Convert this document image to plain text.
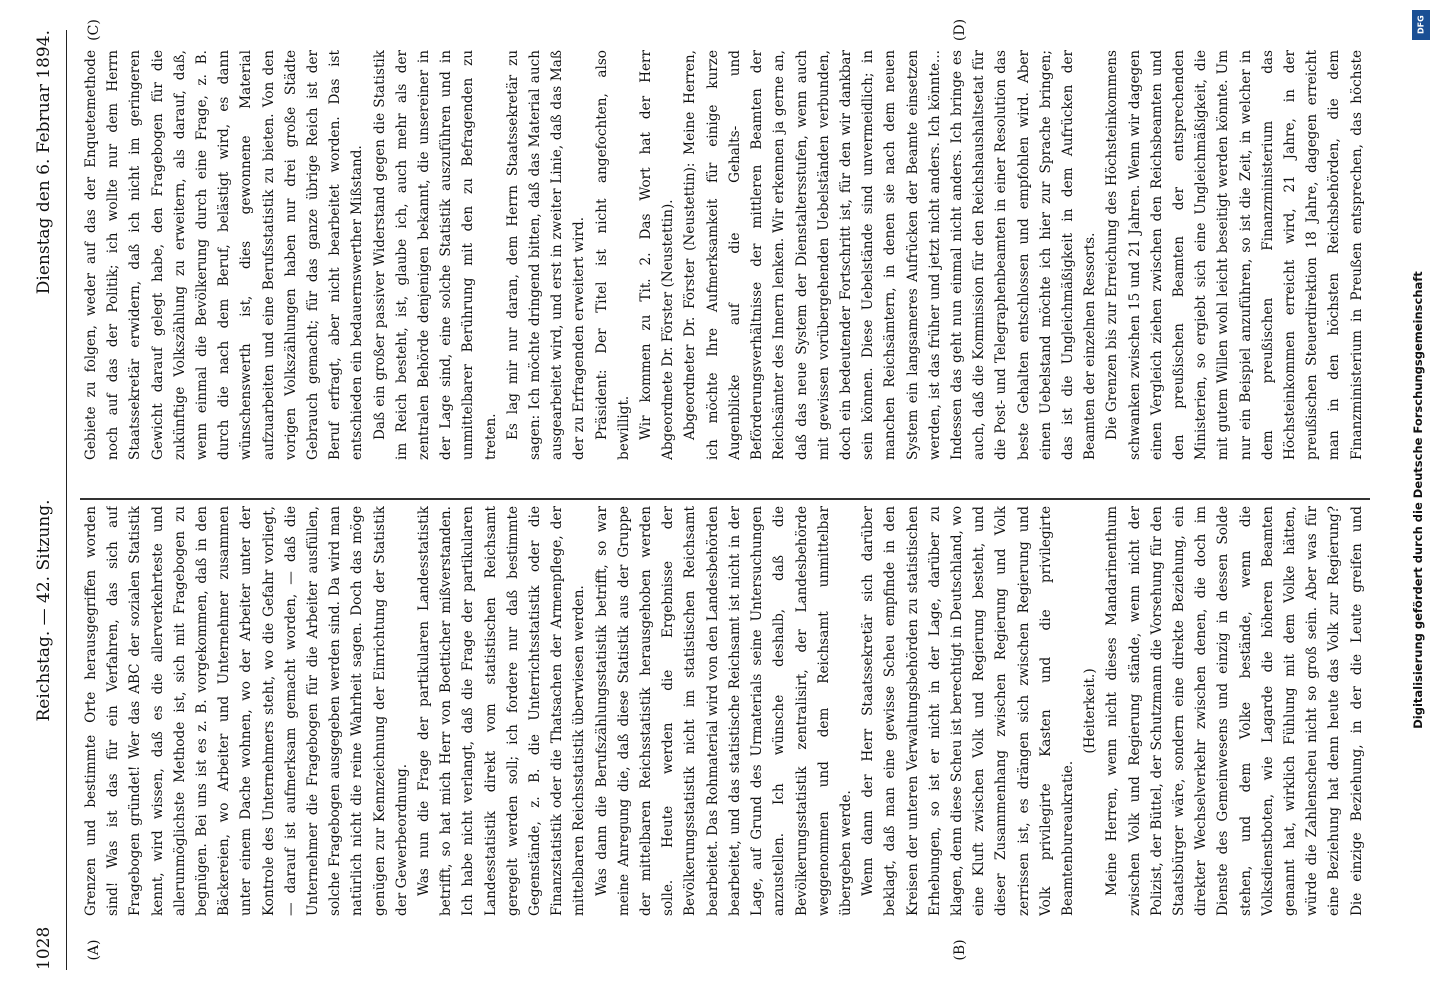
1028
Reichstag. — 42. Sitzung.
Dienstag den 6. Februar 1894.
(A)	(B)
(C)	(D)

Grenzen und bestimmte Orte herausgegriffen worden sind! Was ist das für ein Verfahren, das sich auf Fragebogen gründet! Wer das ABC der sozialen Statistik kennt, wird wissen, daß es die allerverkehrteste und allerunmöglichste Methode ist, sich mit Fragebogen zu begnügen. Bei uns ist es z. B. vorgekommen, daß in den Bäckereien, wo Arbeiter und Unternehmer zusammen unter einem Dache wohnen, wo der Arbeiter unter der Kontrole des Unternehmers steht, wo die Gefahr vorliegt, — darauf ist aufmerksam gemacht worden, — daß die Unternehmer die Fragebogen für die Arbeiter ausfüllen, solche Fragebogen ausgegeben werden sind. Da wird man natürlich nicht die reine Wahrheit sagen. Doch das möge genügen zur Kennzeichnung der Einrichtung der Statistik der Gewerbeordnung. Was nun die Frage der partikularen Landesstatistik betrifft, so hat mich Herr von Boetticher mißverstanden. Ich habe nicht verlangt, daß die Frage der partikularen Landesstatistik direkt vom statistischen Reichsamt geregelt werden soll; ich fordere nur daß bestimmte Gegenstände, z. B. die Unterrichtsstatistik oder die Finanzstatistik oder die Thatsachen der Armenpflege, der mittelbaren Reichsstatistik überwiesen werden. Was dann die Berufszählungsstatistik betrifft, so war meine Anregung die, daß diese Statistik aus der Gruppe der mittelbaren Reichsstatistik herausgehoben werden solle. Heute werden die Ergebnisse der Bevölkerungsstatistik nicht im statistischen Reichsamt bearbeitet. Das Rohmaterial wird von den Landesbehörden bearbeitet, und das statistische Reichsamt ist nicht in der Lage, auf Grund des Urmaterials seine Untersuchungen anzustellen. Ich wünsche deshalb, daß die Bevölkerungsstatistik zentralisirt, der Landesbehörde weggenommen und dem Reichsamt unmittelbar übergeben werde. Wenn dann der Herr Staatssekretär sich darüber beklagt, daß man eine gewisse Scheu empfinde in den Kreisen der unteren Verwaltungsbehörden zu statistischen Erhebungen, so ist er nicht in der Lage, darüber zu klagen, denn diese Scheu ist berechtigt in Deutschland, wo eine Kluft zwischen Volk und Regierung besteht, und dieser Zusammenhang zwischen Regierung und Volk zerrissen ist, es drängen sich zwischen Regierung und Volk privilegirte Kasten und die privilegirte Beamtenbureaukratie.

(Heiterkeit.)

Meine Herren, wenn nicht dieses Mandarinenthum zwischen Volk und Regierung stände, wenn nicht der Polizist, der Büttel, der Schutzmann die Vorsehung für den Staatsbürger wäre, sondern eine direkte Beziehung, ein direkter Wechselverkehr zwischen denen, die doch im Dienste des Gemeinwesens und einzig in dessen Solde stehen, und dem Volke bestände, wenn die Volksdienstboten, wie Lagarde die höheren Beamten genannt hat, wirklich Fühlung mit dem Volke hätten, würde die Zahlenscheu nicht so groß sein. Aber was für eine Beziehung hat denn heute das Volk zur Regierung? Die einzige Beziehung, in der die Leute greifen und

Gebiete zu folgen, weder auf das der Enquetemethode noch auf das der Politik; ich wollte nur dem Herrn Staatssekretär erwidern, daß ich nicht im geringeren Gewicht darauf gelegt habe, den Fragebogen für die zukünftige Volkszählung zu erweitern, als darauf, daß, wenn einmal die Bevölkerung durch eine Frage, z. B. durch die nach dem Beruf, belästigt wird, es dann wünschenswerth ist, dies gewonnene Material aufzuarbeiten und eine Berufsstatistik zu bieten. Von den vorigen Volkszählungen haben nur drei große Städte Gebrauch gemacht; für das ganze übrige Reich ist der Beruf erfragt, aber nicht bearbeitet worden. Das ist entschieden ein bedauernswerther Mißstand. Daß ein großer passiver Widerstand gegen die Statistik im Reich besteht, ist, glaube ich, auch mehr als der zentralen Behörde denjenigen bekannt, die unsereiner in der Lage sind, eine solche Statistik auszuführen und in unmittelbarer Berührung mit den zu Befragenden zu treten. Es lag mir nur daran, dem Herrn Staatssekretär zu sagen: Ich möchte dringend bitten, daß das Material auch ausgearbeitet wird, und erst in zweiter Linie, daß das Maß der zu Erfragenden erweitert wird. Präsident: Der Titel ist nicht angefochten, also bewilligt. Wir kommen zu Tit. 2. Das Wort hat der Herr Abgeordnete Dr. Förster (Neustettin). Abgeordneter Dr. Förster (Neustettin): Meine Herren, ich möchte Ihre Aufmerksamkeit für einige kurze Augenblicke auf die Gehalts- und Beförderungsverhältnisse der mittleren Beamten der Reichsämter des Innern lenken. Wir erkennen ja gerne an, daß das neue System der Dienstaltersstufen, wenn auch mit gewissen vorübergehenden Uebelständen verbunden, doch ein bedeutender Fortschritt ist, für den wir dankbar sein können. Diese Uebelstände sind unvermeidlich; in manchen Reichsämtern, in denen sie nach dem neuen System ein langsameres Aufrücken der Beamte einsetzen werden, ist das früher und jetzt nicht anders. Ich könnte... Indessen das geht nun einmal nicht anders. Ich bringe es auch, daß die Kommission für den Reichshaushaltsetat für die Post- und Telegraphenbeamten in einer Resolution das beste Gehalten entschlossen und empfohlen wird. Aber einen Uebelstand möchte ich hier zur Sprache bringen; das ist die Ungleichmäßigkeit in dem Aufrücken der Beamten der einzelnen Ressorts. Die Grenzen bis zur Erreichung des Höchsteinkommens schwanken zwischen 15 und 21 Jahren. Wenn wir dagegen einen Vergleich ziehen zwischen den Reichsbeamten und den preußischen Beamten der entsprechenden Ministerien, so ergiebt sich eine Ungleichmäßigkeit, die mit gutem Willen wohl leicht beseitigt werden könnte. Um nur ein Beispiel anzuführen, so ist die Zeit, in welcher in dem preußischen Finanzministerium das Höchsteinkommen erreicht wird, 21 Jahre, in der preußischen Steuerdirektion 18 Jahre, dagegen erreicht man in den höchsten Reichsbehörden, die dem Finanzministerium in Preußen entsprechen, das höchste

Digitalisierung gefördert durch die Deutsche Forschungsgemeinschaft
DFG
